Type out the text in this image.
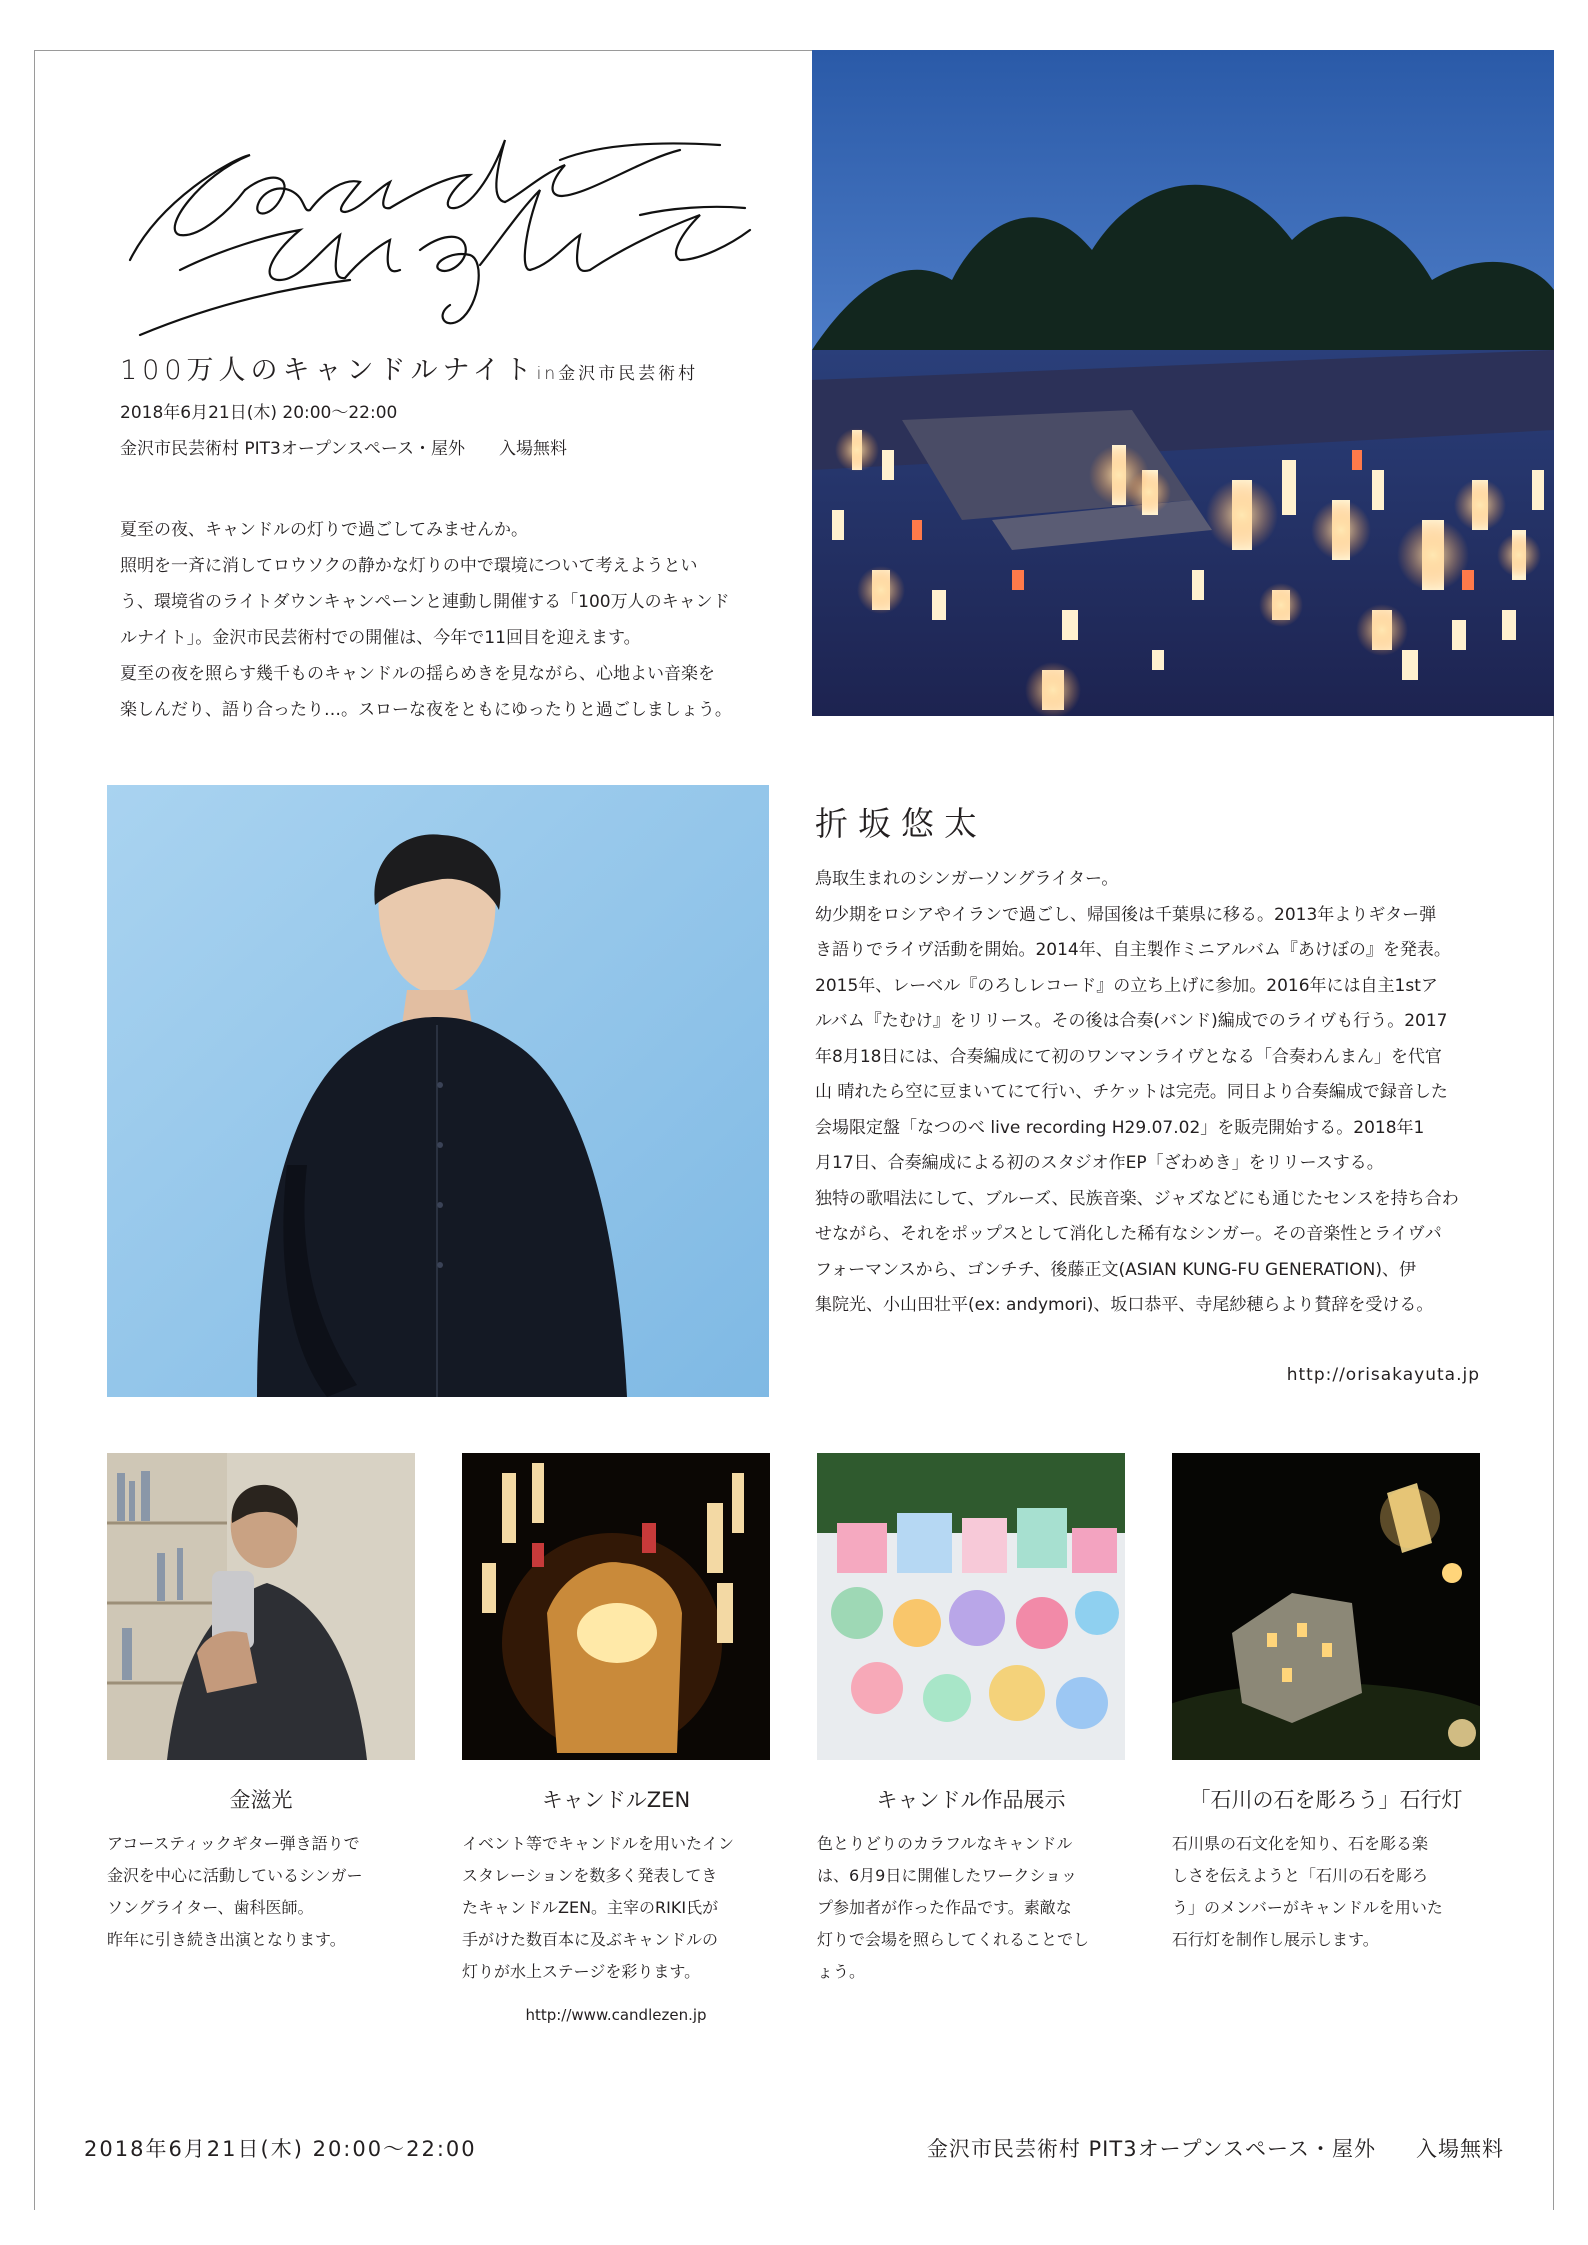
100万人のキャンドルナイトin金沢市民芸術村
2018年6月21日(木) 20:00〜22:00
金沢市民芸術村 PIT3オープンスペース・屋外 入場無料

夏至の夜、キャンドルの灯りで過ごしてみませんか。

照明を一斉に消してロウソクの静かな灯りの中で環境について考えようとい

う、環境省のライトダウンキャンペーンと連動し開催する「100万人のキャンド

ルナイト」。金沢市民芸術村での開催は、今年で11回目を迎えます。

夏至の夜を照らす幾千ものキャンドルの揺らめきを見ながら、心地よい音楽を

楽しんだり、語り合ったり…。スローな夜をともにゆったりと過ごしましょう。

折坂悠太

鳥取生まれのシンガーソングライター。

幼少期をロシアやイランで過ごし、帰国後は千葉県に移る。2013年よりギター弾

き語りでライヴ活動を開始。2014年、自主製作ミニアルバム『あけぼの』を発表。

2015年、レーベル『のろしレコード』の立ち上げに参加。2016年には自主1stア

ルバム『たむけ』をリリース。その後は合奏(バンド)編成でのライヴも行う。2017

年8月18日には、合奏編成にて初のワンマンライヴとなる「合奏わんまん」を代官

山 晴れたら空に豆まいてにて行い、チケットは完売。同日より合奏編成で録音した

会場限定盤「なつのべ live recording H29.07.02」を販売開始する。2018年1

月17日、合奏編成による初のスタジオ作EP「ざわめき」をリリースする。

独特の歌唱法にして、ブルーズ、民族音楽、ジャズなどにも通じたセンスを持ち合わ

せながら、それをポップスとして消化した稀有なシンガー。その音楽性とライヴパ

フォーマンスから、ゴンチチ、後藤正文(ASIAN KUNG-FU GENERATION)、伊

集院光、小山田壮平(ex: andymori)、坂口恭平、寺尾紗穂らより賛辞を受ける。

http://orisakayuta.jp
金滋光	キャンドルZEN	キャンドル作品展示	「石川の石を彫ろう」石行灯
アコースティックギター弾き語りで
金沢を中心に活動しているシンガー
ソングライター、歯科医師。
昨年に引き続き出演となります。
イベント等でキャンドルを用いたイン
スタレーションを数多く発表してき
たキャンドルZEN。主宰のRIKI氏が
手がけた数百本に及ぶキャンドルの
灯りが水上ステージを彩ります。
色とりどりのカラフルなキャンドル
は、6月9日に開催したワークショッ
プ参加者が作った作品です。素敵な
灯りで会場を照らしてくれることでし
ょう。
石川県の石文化を知り、石を彫る楽
しさを伝えようと「石川の石を彫ろ
う」のメンバーがキャンドルを用いた
石行灯を制作し展示します。
http://www.candlezen.jp
2018年6月21日(木) 20:00〜22:00	金沢市民芸術村 PIT3オープンスペース・屋外 入場無料
